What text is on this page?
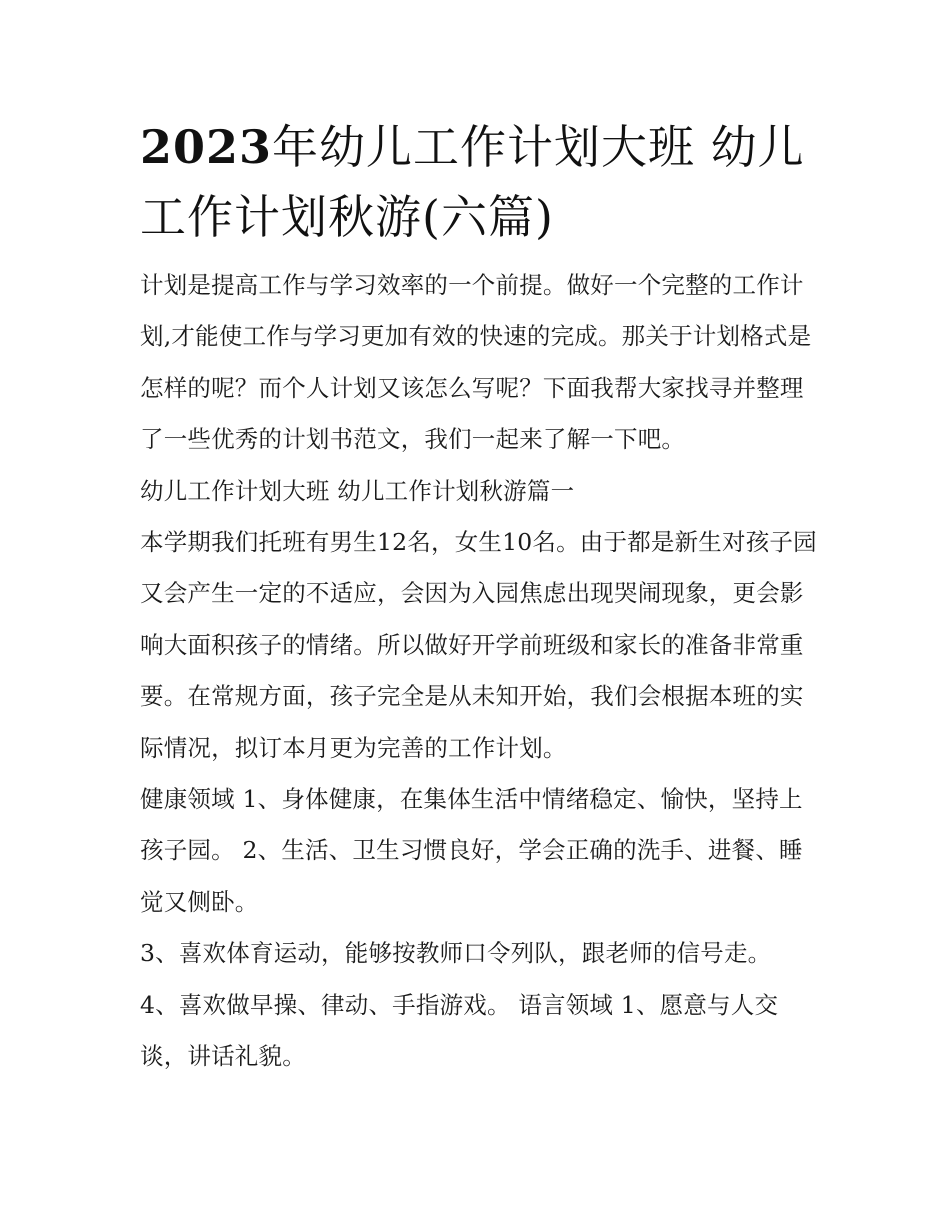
2023年幼儿工作计划大班 幼儿工作计划秋游(六篇)

计划是提高工作与学习效率的一个前提。做好一个完整的工作计划,才能使工作与学习更加有效的快速的完成。那关于计划格式是怎样的呢？而个人计划又该怎么写呢？下面我帮大家找寻并整理了一些优秀的计划书范文，我们一起来了解一下吧。

幼儿工作计划大班 幼儿工作计划秋游篇一

本学期我们托班有男生12名，女生10名。由于都是新生对孩子园又会产生一定的不适应，会因为入园焦虑出现哭闹现象，更会影响大面积孩子的情绪。所以做好开学前班级和家长的准备非常重要。在常规方面，孩子完全是从未知开始，我们会根据本班的实际情况，拟订本月更为完善的工作计划。

健康领域 1、身体健康，在集体生活中情绪稳定、愉快，坚持上孩子园。 2、生活、卫生习惯良好，学会正确的洗手、进餐、睡觉又侧卧。

3、喜欢体育运动，能够按教师口令列队，跟老师的信号走。

4、喜欢做早操、律动、手指游戏。 语言领域 1、愿意与人交谈，讲话礼貌。
